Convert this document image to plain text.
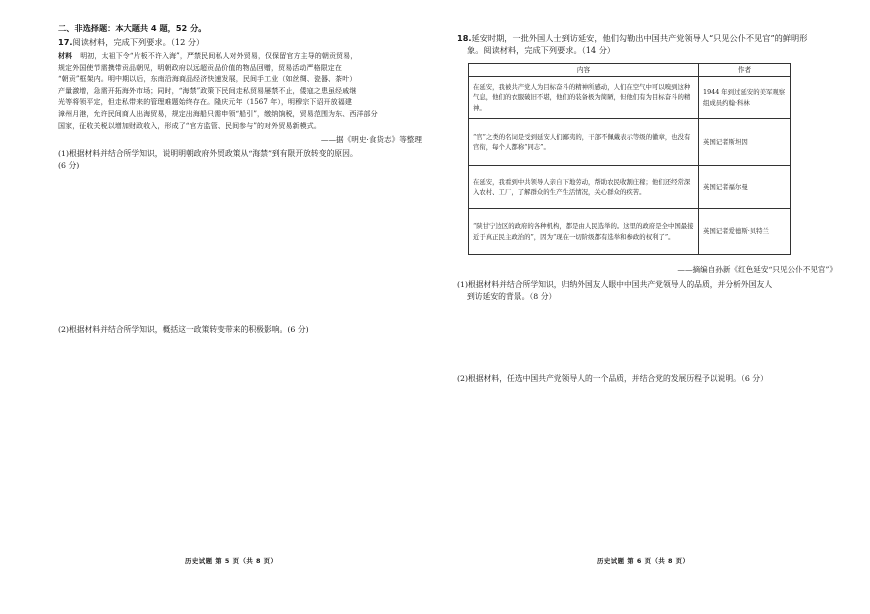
二、非选择题：本大题共 4 题，52 分。
17.阅读材料，完成下列要求。（12 分）
材料 明初，太祖下令“片板不许入海”，严禁民间私人对外贸易，仅保留官方主导的朝贡贸易，
规定外国使节需携带贡品朝见，明朝政府以远超贡品价值的物品回赠，贸易活动严格限定在
“朝贡”框架内。明中期以后，东南沿海商品经济快速发展，民间手工业（如丝绸、瓷器、茶叶）
产量激增，急需开拓海外市场；同时，“海禁”政策下民间走私贸易屡禁不止，倭寇之患虽经戚继
光等将领平定，但走私带来的管理难题始终存在。隆庆元年（1567 年），明穆宗下诏开放福建
漳州月港，允许民间商人出海贸易，规定出海船只需申领“船引”，缴纳饷税，贸易范围为东、西洋部分
国家，征收关税以增加财政收入，形成了“官方监管、民间参与”的对外贸易新模式。
——据《明史·食货志》等整理
(1)根据材料并结合所学知识，说明明朝政府外贸政策从“海禁”到有限开放转变的原因。
(6 分)
(2)根据材料并结合所学知识，概括这一政策转变带来的积极影响。(6 分)
历史试题 第 5 页（共 8 页）
18.延安时期，一批外国人士到访延安，他们勾勒出中国共产党领导人“只见公仆不见官”的鲜明形
象。阅读材料，完成下列要求。（14 分）
内容	作者
在延安，我被共产党人为目标奋斗的精神所感动，人们在空气中可以嗅到这种气息，他们的衣服破旧不堪，他们的装备极为简陋，但他们有为目标奋斗的精神。	1944 年到过延安的美军观察组成员约翰·科林
“官”之类的名词是受到延安人们鄙夷的，干部不佩戴表示等级的徽章，也没有官衔，每个人都称“同志”。	英国记者斯坦因
在延安，我看到中共领导人亲自下地劳动，帮助农民收割庄稼；他们还经常深入农村、工厂，了解群众的生产生活情况，关心群众的疾苦。	英国记者福尔曼
“陕甘宁边区的政府的各种机构，都是由人民选举的。这里的政府是全中国最接近于真正民主政治的”，因为“现在一切阶级都有选举和参政的权利了”。	英国记者爱德斯·贝特兰
——摘编自孙新《红色延安“只见公仆不见官”》
(1)根据材料并结合所学知识，归纳外国友人眼中中国共产党领导人的品质，并分析外国友人
到访延安的背景。（8 分）
(2)根据材料，任选中国共产党领导人的一个品质，并结合党的发展历程予以说明。（6 分）
历史试题 第 6 页（共 8 页）
